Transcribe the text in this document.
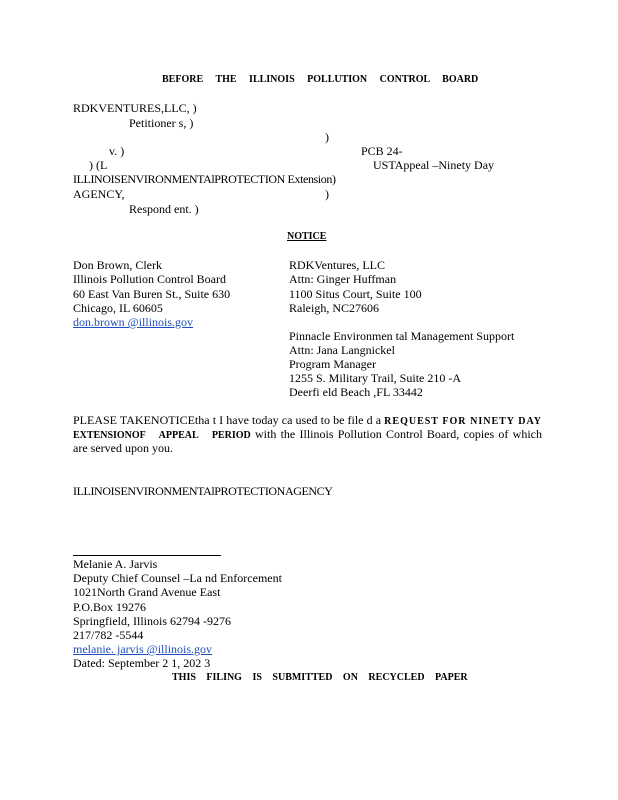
BEFORE THE ILLINOIS POLLUTION CONTROL BOARD
RDKVENTURES,LLC, )
Petitioner s, )
)
v. )	PCB 24-
) (L	USTAppeal –Ninety Day
ILLINOISENVIRONMENTAlPROTECTION Extension)
AGENCY,	)
Respond ent. )
NOTICE
Don Brown, Clerk
Illinois Pollution Control Board
60 East Van Buren St., Suite 630
Chicago, IL 60605
don.brown @illinois.gov
RDKVentures, LLC
Attn: Ginger Huffman
1100 Situs Court, Suite 100
Raleigh, NC27606
Pinnacle Environmen tal Management Support
Attn: Jana Langnickel
Program Manager
1255 S. Military Trail, Suite 210 -A
Deerfi eld Beach ,FL 33442
PLEASE TAKENOTICEtha t I have today ca used to be file d a REQUEST FOR NINETY DAY
EXTENSIONOF APPEAL PERIOD with the Illinois Pollution Control Board, copies of which
are served upon you.
ILLINOISENVIRONMENTAlPROTECTIONAGENCY
Melanie A. Jarvis
Deputy Chief Counsel –La nd Enforcement
1021North Grand Avenue East
P.O.Box 19276
Springfield, Illinois 62794 -9276
217/782 -5544
melanie. jarvis @illinois.gov
Dated: September 2 1, 202 3
THIS FILING IS SUBMITTED ON RECYCLED PAPER
